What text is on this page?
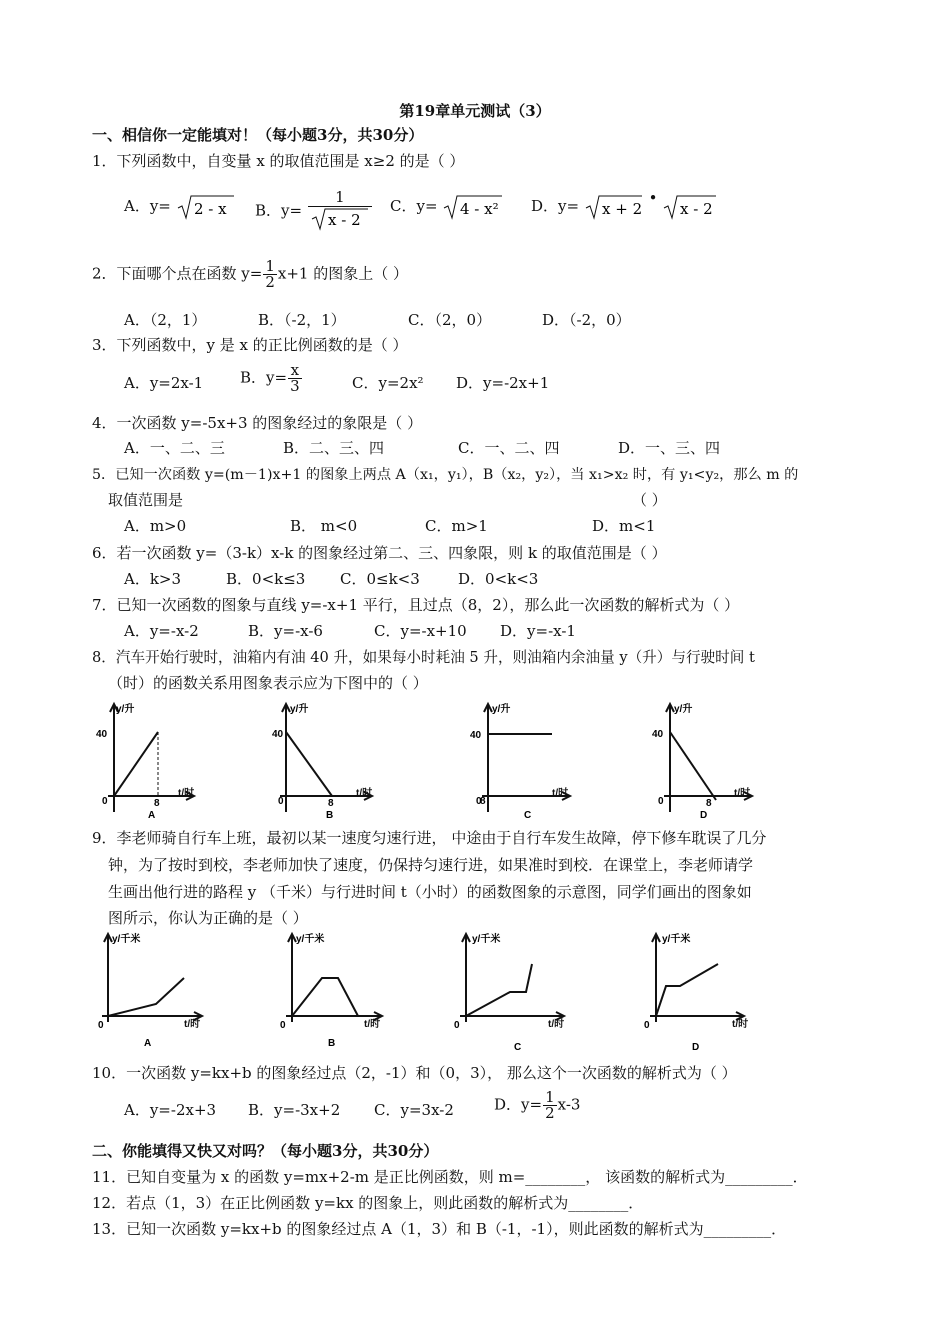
第19章单元测试（3）
一、相信你一定能填对！（每小题3分，共30分）
1．下列函数中，自变量 x 的取值范围是 x≥2 的是（ ）
A．y= 2 - x B．$y= \frac{1}{x - 2}$ C．y= 4 - x² D．y= x + 2
•
x - 2
2．下面哪个点在函数 $y= \frac{1}{2} x+1$ 的图象上（ ）
A．（2，1）	B．（-2，1）	C．（2，0）	D．（-2，0）
3．下列函数中，y 是 x 的正比例函数的是（ ）
A．y=2x-1 B．$y= \frac{x}{3}$	C．y=2x² D．y=-2x+1
4．一次函数 y=-5x+3 的图象经过的象限是（ ）
A．一、二、三	B．二、三、四	C．一、二、四	D．一、三、四
5．已知一次函数 y=(m－1)x+1 的图象上两点 A（x₁，y₁），B（x₂，y₂），当 x₁>x₂ 时，有 y₁<y₂，那么 m 的
取值范围是	（ ）
A．m>0	B． m<0	C．m>1	D．m<1
6．若一次函数 y=（3-k）x-k 的图象经过第二、三、四象限，则 k 的取值范围是（ ）
A．k>3	B．0<k≤3 C．0≤k<3	D．0<k<3
7．已知一次函数的图象与直线 y=-x+1 平行，且过点（8，2），那么此一次函数的解析式为（ ）
A．y=-x-2	B．y=-x-6	C．y=-x+10 D．y=-x-1
8．汽车开始行驶时，油箱内有油 40 升，如果每小时耗油 5 升，则油箱内余油量 y（升）与行驶时间 t
（时）的函数关系用图象表示应为下图中的（ ）
y/升
40
0	8
A
t/时
y/升
40
0	8
B
t/时
y/升
40
0
8
C
t/时
y/升
40
0	8
D
t/时
9．李老师骑自行车上班，最初以某一速度匀速行进， 中途由于自行车发生故障，停下修车耽误了几分
钟，为了按时到校，李老师加快了速度，仍保持匀速行进，如果准时到校．在课堂上，李老师请学
生画出他行进的路程 y （千米）与行进时间 t（小时）的函数图象的示意图，同学们画出的图象如
图所示，你认为正确的是（ ）
y/千米
0
A
t/时
y/千米
0
B
t/时
y/千米
0
C
t/时
y/千米
0
D
t/时
10．一次函数 y=kx+b 的图象经过点（2，-1）和（0，3）， 那么这个一次函数的解析式为（ ）
A．y=-2x+3 B．y=-3x+2 C．y=3x-2	D．$y= \frac{1}{2} x-3$
二、你能填得又快又对吗？（每小题3分，共30分）
11．已知自变量为 x 的函数 y=mx+2-m 是正比例函数，则 m=________， 该函数的解析式为_________．
12．若点（1，3）在正比例函数 y=kx 的图象上，则此函数的解析式为________．
13．已知一次函数 y=kx+b 的图象经过点 A（1，3）和 B（-1，-1），则此函数的解析式为_________．
